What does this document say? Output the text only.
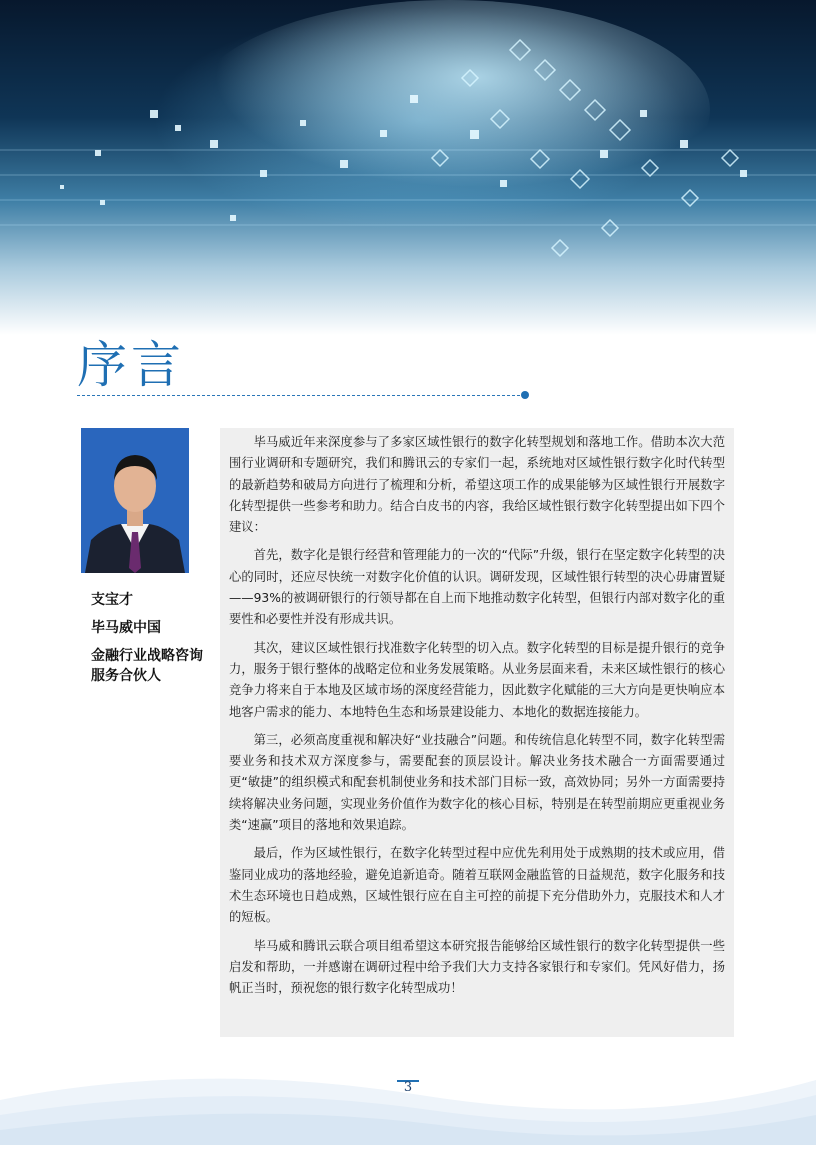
序言
支宝才
毕马威中国
金融行业战略咨询
服务合伙人

毕马威近年来深度参与了多家区域性银行的数字化转型规划和落地工作。借助本次大范围行业调研和专题研究，我们和腾讯云的专家们一起，系统地对区域性银行数字化时代转型的最新趋势和破局方向进行了梳理和分析，希望这项工作的成果能够为区域性银行开展数字化转型提供一些参考和助力。结合白皮书的内容，我给区域性银行数字化转型提出如下四个建议：

首先，数字化是银行经营和管理能力的一次的“代际”升级，银行在坚定数字化转型的决心的同时，还应尽快统一对数字化价值的认识。调研发现，区域性银行转型的决心毋庸置疑——93%的被调研银行的行领导都在自上而下地推动数字化转型，但银行内部对数字化的重要性和必要性并没有形成共识。

其次，建议区域性银行找准数字化转型的切入点。数字化转型的目标是提升银行的竞争力，服务于银行整体的战略定位和业务发展策略。从业务层面来看，未来区域性银行的核心竞争力将来自于本地及区域市场的深度经营能力，因此数字化赋能的三大方向是更快响应本地客户需求的能力、本地特色生态和场景建设能力、本地化的数据连接能力。

第三，必须高度重视和解决好“业技融合”问题。和传统信息化转型不同，数字化转型需要业务和技术双方深度参与，需要配套的顶层设计。解决业务技术融合一方面需要通过更“敏捷”的组织模式和配套机制使业务和技术部门目标一致，高效协同；另外一方面需要持续将解决业务问题，实现业务价值作为数字化的核心目标，特别是在转型前期应更重视业务类“速赢”项目的落地和效果追踪。

最后，作为区域性银行，在数字化转型过程中应优先利用处于成熟期的技术或应用，借鉴同业成功的落地经验，避免追新追奇。随着互联网金融监管的日益规范，数字化服务和技术生态环境也日趋成熟，区域性银行应在自主可控的前提下充分借助外力，克服技术和人才的短板。

毕马威和腾讯云联合项目组希望这本研究报告能够给区域性银行的数字化转型提供一些启发和帮助，一并感谢在调研过程中给予我们大力支持各家银行和专家们。凭风好借力，扬帆正当时，预祝您的银行数字化转型成功！

3
